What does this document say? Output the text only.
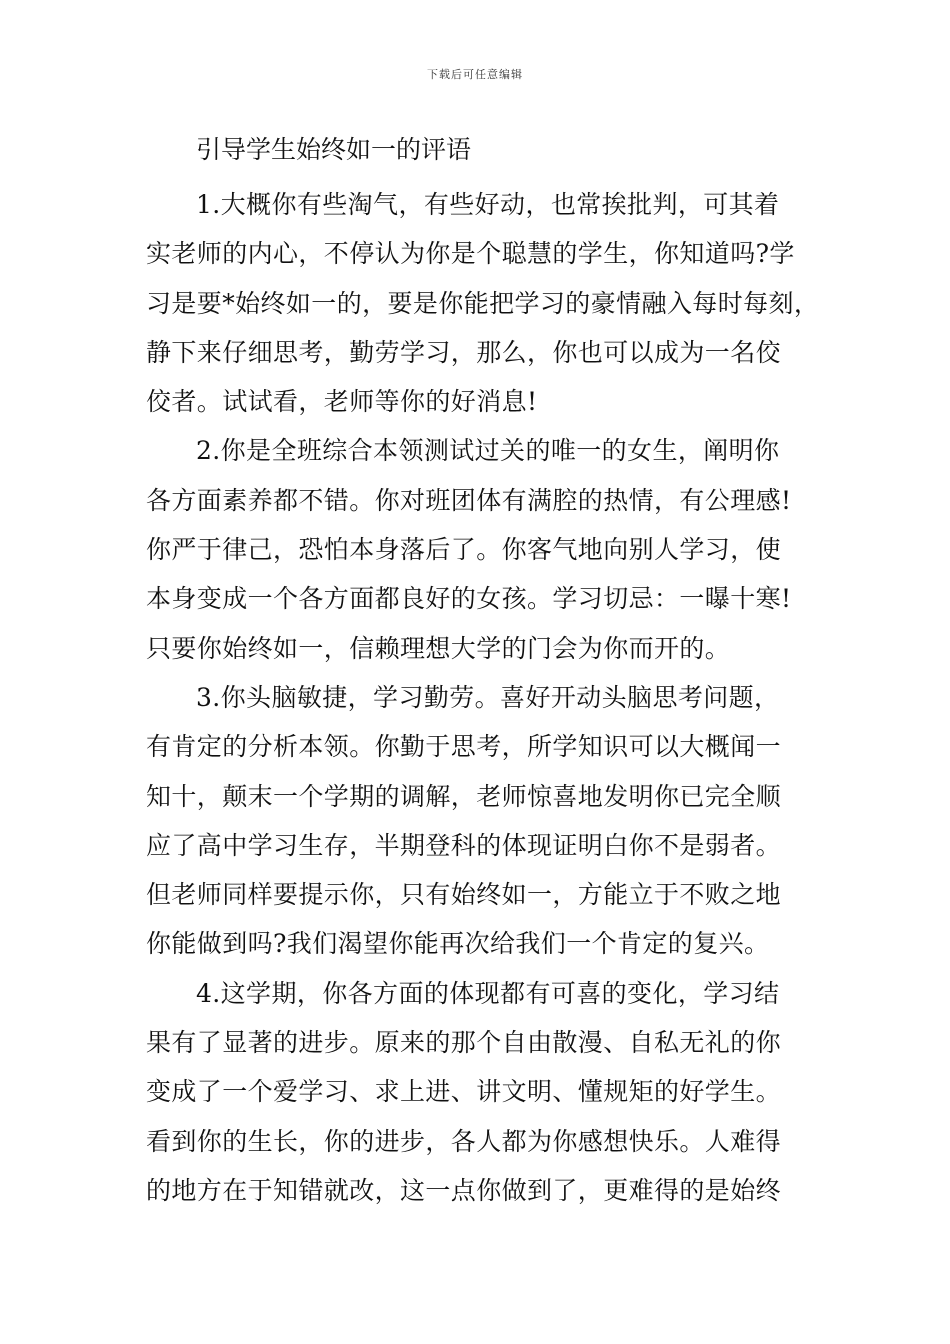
下载后可任意编辑
引导学生始终如一的评语
1.大概你有些淘气，有些好动，也常挨批判，可其着
实老师的内心，不停认为你是个聪慧的学生，你知道吗?学
习是要*始终如一的，要是你能把学习的豪情融入每时每刻，
静下来仔细思考，勤劳学习，那么，你也可以成为一名佼
佼者。试试看，老师等你的好消息!
2.你是全班综合本领测试过关的唯一的女生，阐明你
各方面素养都不错。你对班团体有满腔的热情，有公理感!
你严于律己，恐怕本身落后了。你客气地向别人学习，使
本身变成一个各方面都良好的女孩。学习切忌：一曝十寒!
只要你始终如一，信赖理想大学的门会为你而开的。
3.你头脑敏捷，学习勤劳。喜好开动头脑思考问题，
有肯定的分析本领。你勤于思考，所学知识可以大概闻一
知十，颠末一个学期的调解，老师惊喜地发明你已完全顺
应了高中学习生存，半期登科的体现证明白你不是弱者。
但老师同样要提示你，只有始终如一，方能立于不败之地
你能做到吗?我们渴望你能再次给我们一个肯定的复兴。
4.这学期，你各方面的体现都有可喜的变化，学习结
果有了显著的进步。原来的那个自由散漫、自私无礼的你
变成了一个爱学习、求上进、讲文明、懂规矩的好学生。
看到你的生长，你的进步，各人都为你感想快乐。人难得
的地方在于知错就改，这一点你做到了，更难得的是始终
